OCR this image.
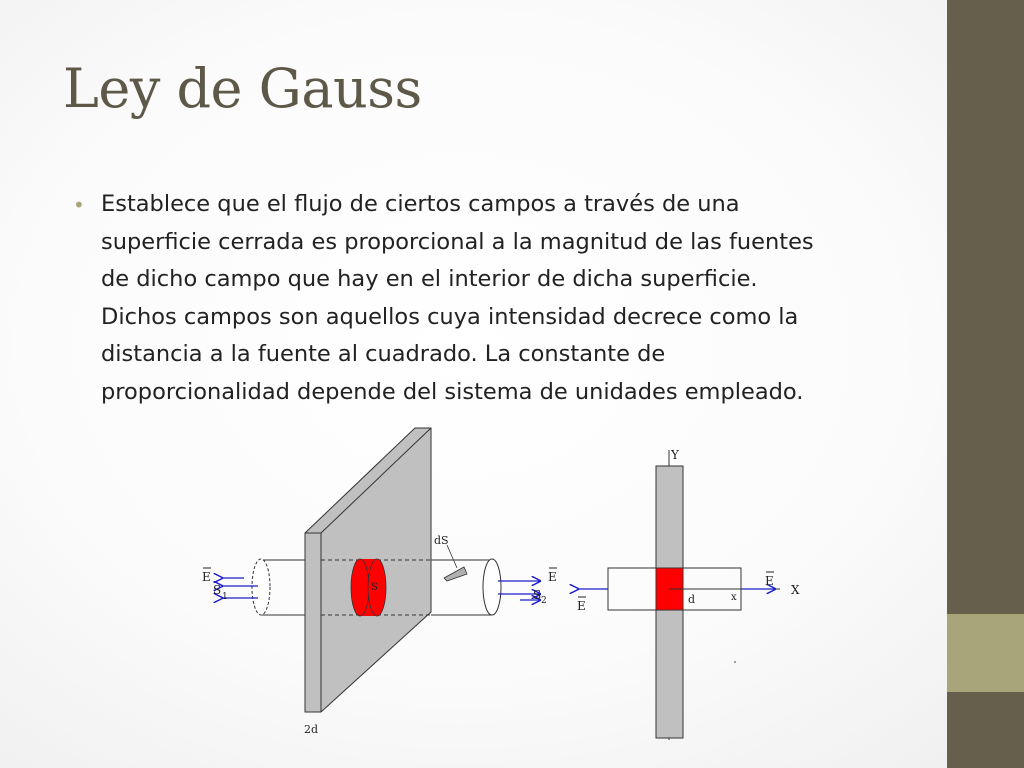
Ley de Gauss
• Establece que el flujo de ciertos campos a través de una
superficie cerrada es proporcional a la magnitud de las fuentes
de dicho campo que hay en el interior de dicha superficie.
Dichos campos son aquellos cuya intensidad decrece como la
distancia a la fuente al cuadrado. La constante de
proporcionalidad depende del sistema de unidades empleado.
E
S 1
S
dS
E
S 2
2d
Y
X
E
E	d	x
